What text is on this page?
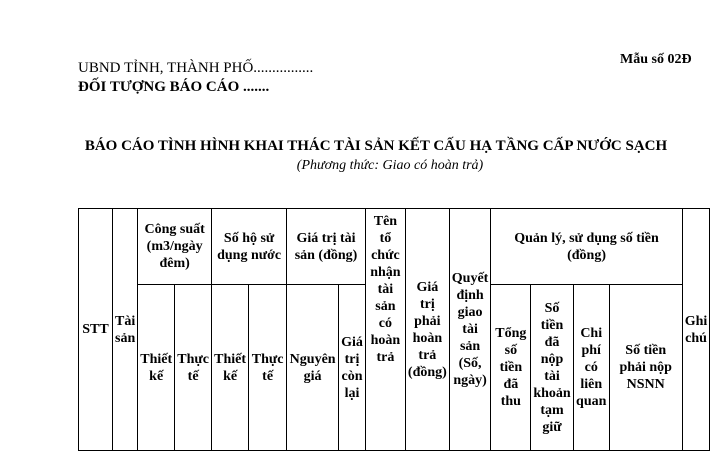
Mẫu số 02Đ
UBND TỈNH, THÀNH PHỐ................
ĐỐI TƯỢNG BÁO CÁO .......
BÁO CÁO TÌNH HÌNH KHAI THÁC TÀI SẢN KẾT CẤU HẠ TẦNG CẤP NƯỚC SẠCH
(Phương thức: Giao có hoàn trả)
STT	Tài sản	Công suất (m3/ngày đêm)		Số hộ sử dụng nước		Giá trị tài sản (đồng)		Tên tổ chức nhận tài sản có hoàn trả	Giá trị phải hoàn trả (đồng)	Quyết định giao tài sản (Số, ngày)	Quản lý, sử dụng số tiền (đồng)				Ghi chú
		Thiết kế	Thực tế	Thiết kế	Thực tế	Nguyên giá	Giá trị còn lại				Tổng số tiền đã thu	Số tiền đã nộp tài khoản tạm giữ	Chi phí có liên quan	Số tiền phải nộp NSNN	
